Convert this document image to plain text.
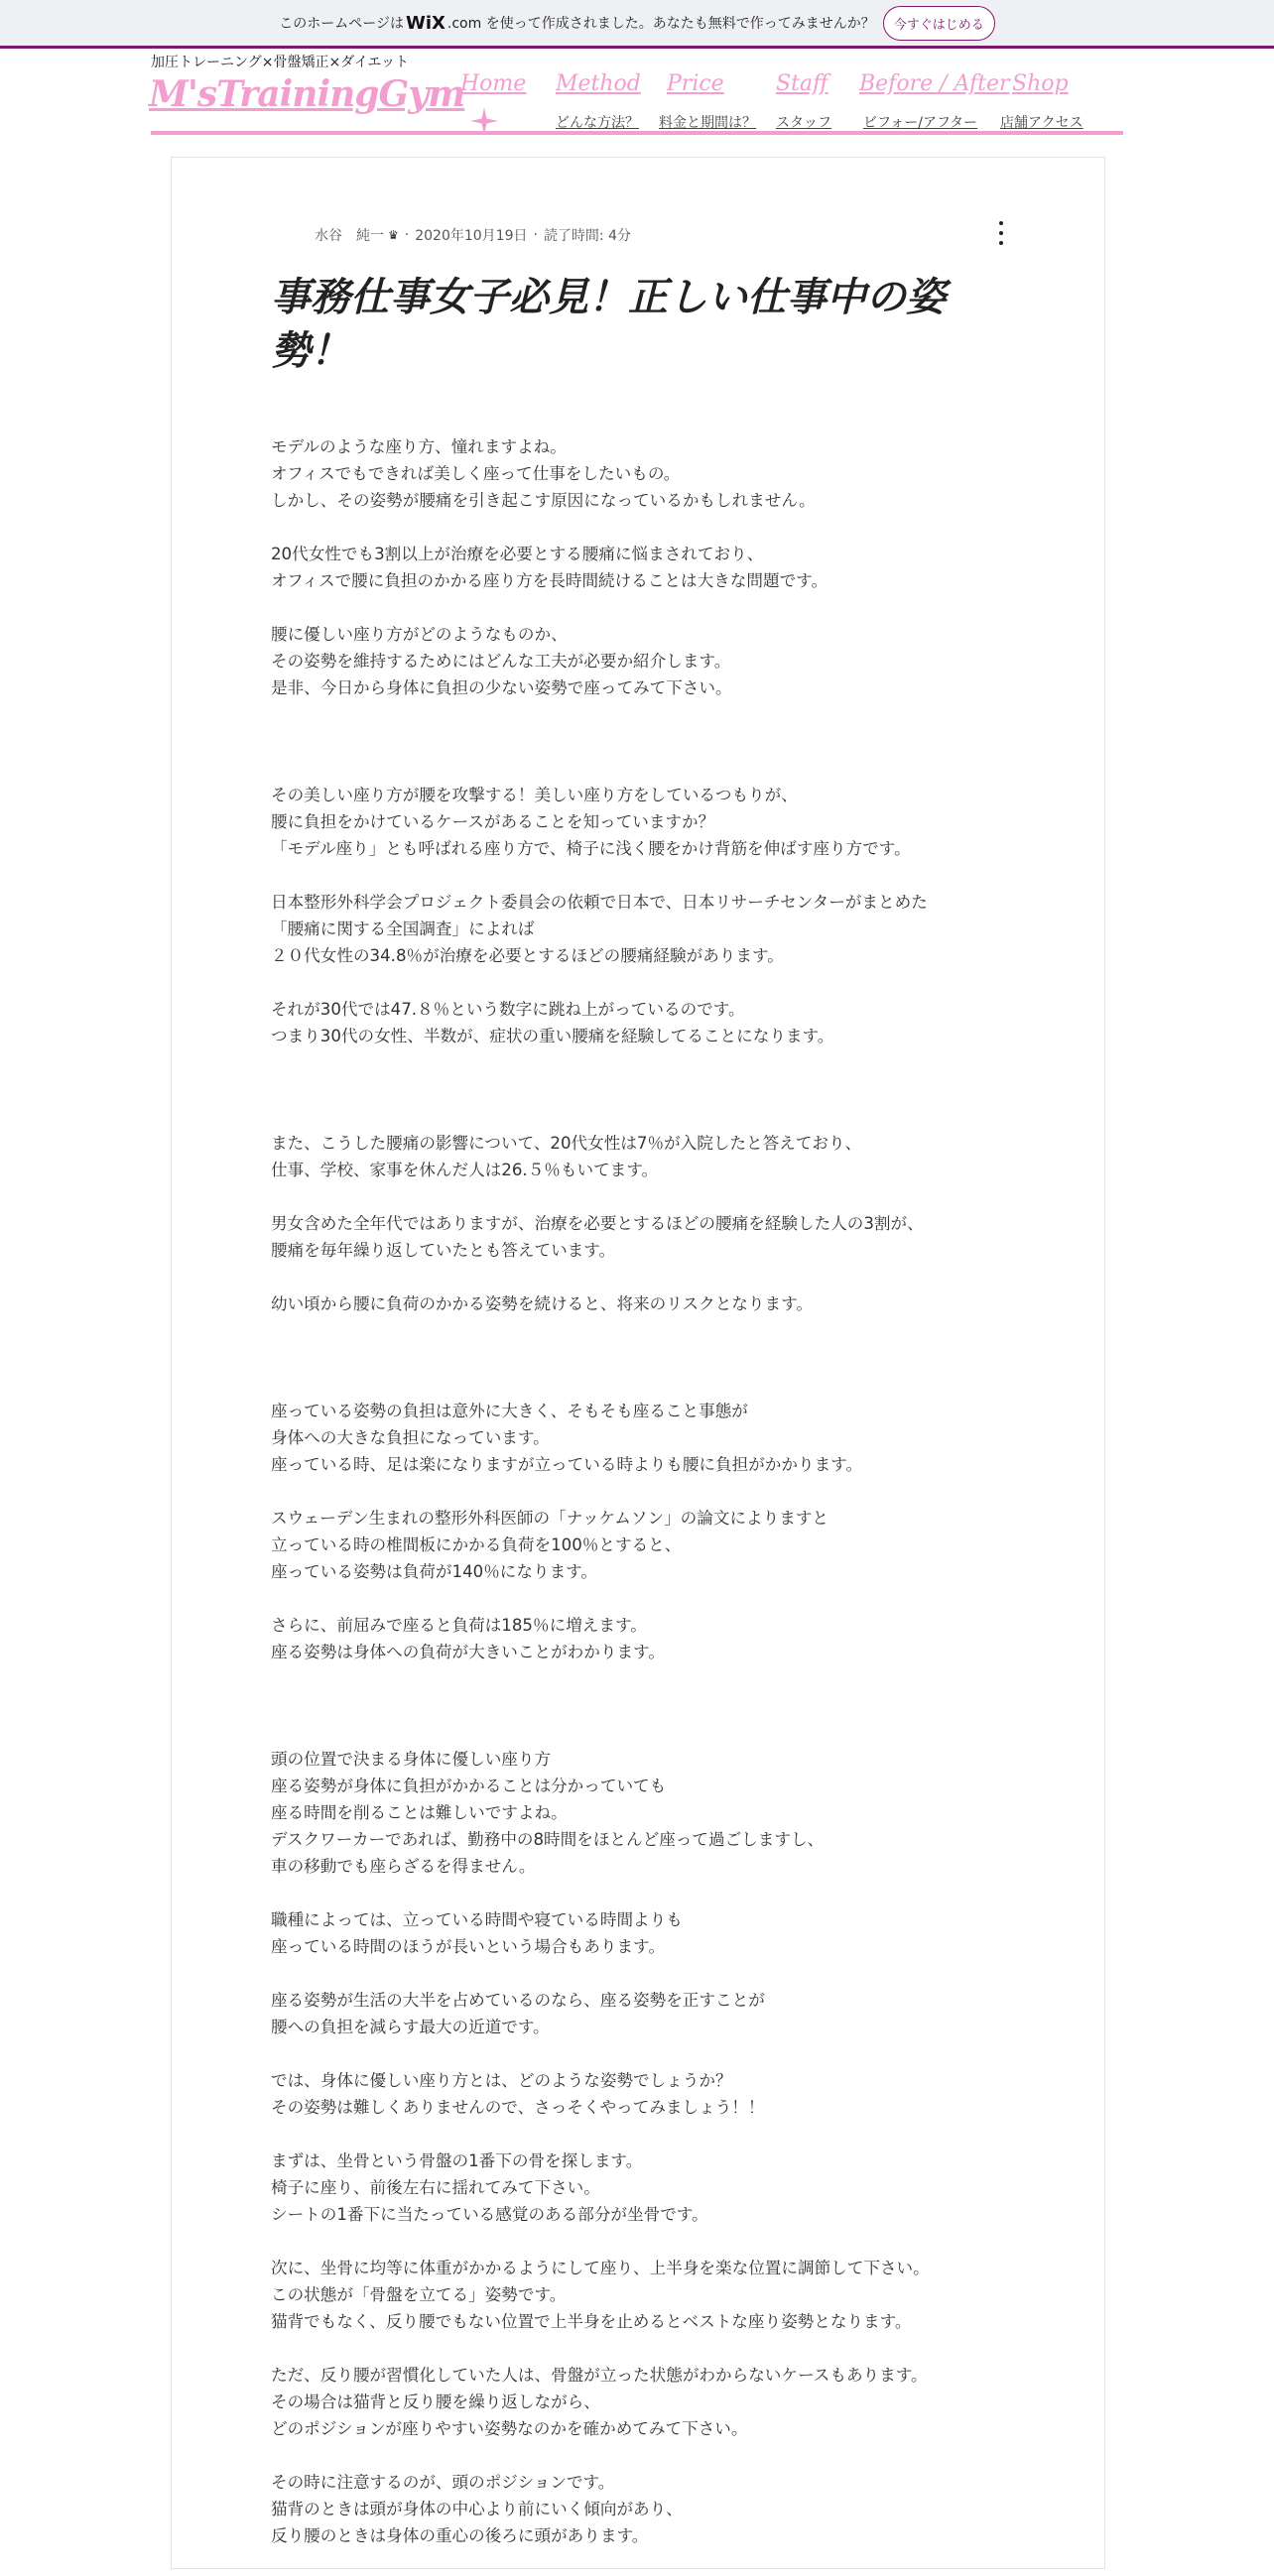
このホームページは WiX .com を使って作成されました。あなたも無料で作ってみませんか？	今すぐはじめる
加圧トレーニング×骨盤矯正×ダイエット
M'sTrainingGym
Home Method Price Staff Before / After Shop
どんな方法？ 料金と期間は？ スタッフ ビフォー/アフター 店舗アクセス
水谷　純一 ♛ · 2020年10月19日 · 読了時間: 4分
事務仕事女子必見！正しい仕事中の姿
勢！

モデルのような座り方、憧れますよね。
オフィスでもできれば美しく座って仕事をしたいもの。
しかし、その姿勢が腰痛を引き起こす原因になっているかもしれません。

20代女性でも3割以上が治療を必要とする腰痛に悩まされており、
オフィスで腰に負担のかかる座り方を長時間続けることは大きな問題です。

腰に優しい座り方がどのようなものか、
その姿勢を維持するためにはどんな工夫が必要か紹介します。
是非、今日から身体に負担の少ない姿勢で座ってみて下さい。

その美しい座り方が腰を攻撃する！美しい座り方をしているつもりが、
腰に負担をかけているケースがあることを知っていますか？
「モデル座り」とも呼ばれる座り方で、椅子に浅く腰をかけ背筋を伸ばす座り方です。

日本整形外科学会プロジェクト委員会の依頼で日本で、日本リサーチセンターがまとめた
「腰痛に関する全国調査」によれば
２０代女性の34.8％が治療を必要とするほどの腰痛経験があります。

それが30代では47.８％という数字に跳ね上がっているのです。
つまり30代の女性、半数が、症状の重い腰痛を経験してることになります。

また、こうした腰痛の影響について、20代女性は7％が入院したと答えており、
仕事、学校、家事を休んだ人は26.５％もいてます。

男女含めた全年代ではありますが、治療を必要とするほどの腰痛を経験した人の3割が、
腰痛を毎年繰り返していたとも答えています。

幼い頃から腰に負荷のかかる姿勢を続けると、将来のリスクとなります。

座っている姿勢の負担は意外に大きく、そもそも座ること事態が
身体への大きな負担になっています。
座っている時、足は楽になりますが立っている時よりも腰に負担がかかります。

スウェーデン生まれの整形外科医師の「ナッケムソン」の論文によりますと
立っている時の椎間板にかかる負荷を100％とすると、
座っている姿勢は負荷が140％になります。

さらに、前屈みで座ると負荷は185％に増えます。
座る姿勢は身体への負荷が大きいことがわかります。

頭の位置で決まる身体に優しい座り方
座る姿勢が身体に負担がかかることは分かっていても
座る時間を削ることは難しいですよね。
デスクワーカーであれば、勤務中の8時間をほとんど座って過ごしますし、
車の移動でも座らざるを得ません。

職種によっては、立っている時間や寝ている時間よりも
座っている時間のほうが長いという場合もあります。

座る姿勢が生活の大半を占めているのなら、座る姿勢を正すことが
腰への負担を減らす最大の近道です。

では、身体に優しい座り方とは、どのような姿勢でしょうか？
その姿勢は難しくありませんので、さっそくやってみましょう！！

まずは、坐骨という骨盤の1番下の骨を探します。
椅子に座り、前後左右に揺れてみて下さい。
シートの1番下に当たっている感覚のある部分が坐骨です。

次に、坐骨に均等に体重がかかるようにして座り、上半身を楽な位置に調節して下さい。
この状態が「骨盤を立てる」姿勢です。
猫背でもなく、反り腰でもない位置で上半身を止めるとベストな座り姿勢となります。

ただ、反り腰が習慣化していた人は、骨盤が立った状態がわからないケースもあります。
その場合は猫背と反り腰を繰り返しながら、
どのポジションが座りやすい姿勢なのかを確かめてみて下さい。

その時に注意するのが、頭のポジションです。
猫背のときは頭が身体の中心より前にいく傾向があり、
反り腰のときは身体の重心の後ろに頭があります。
